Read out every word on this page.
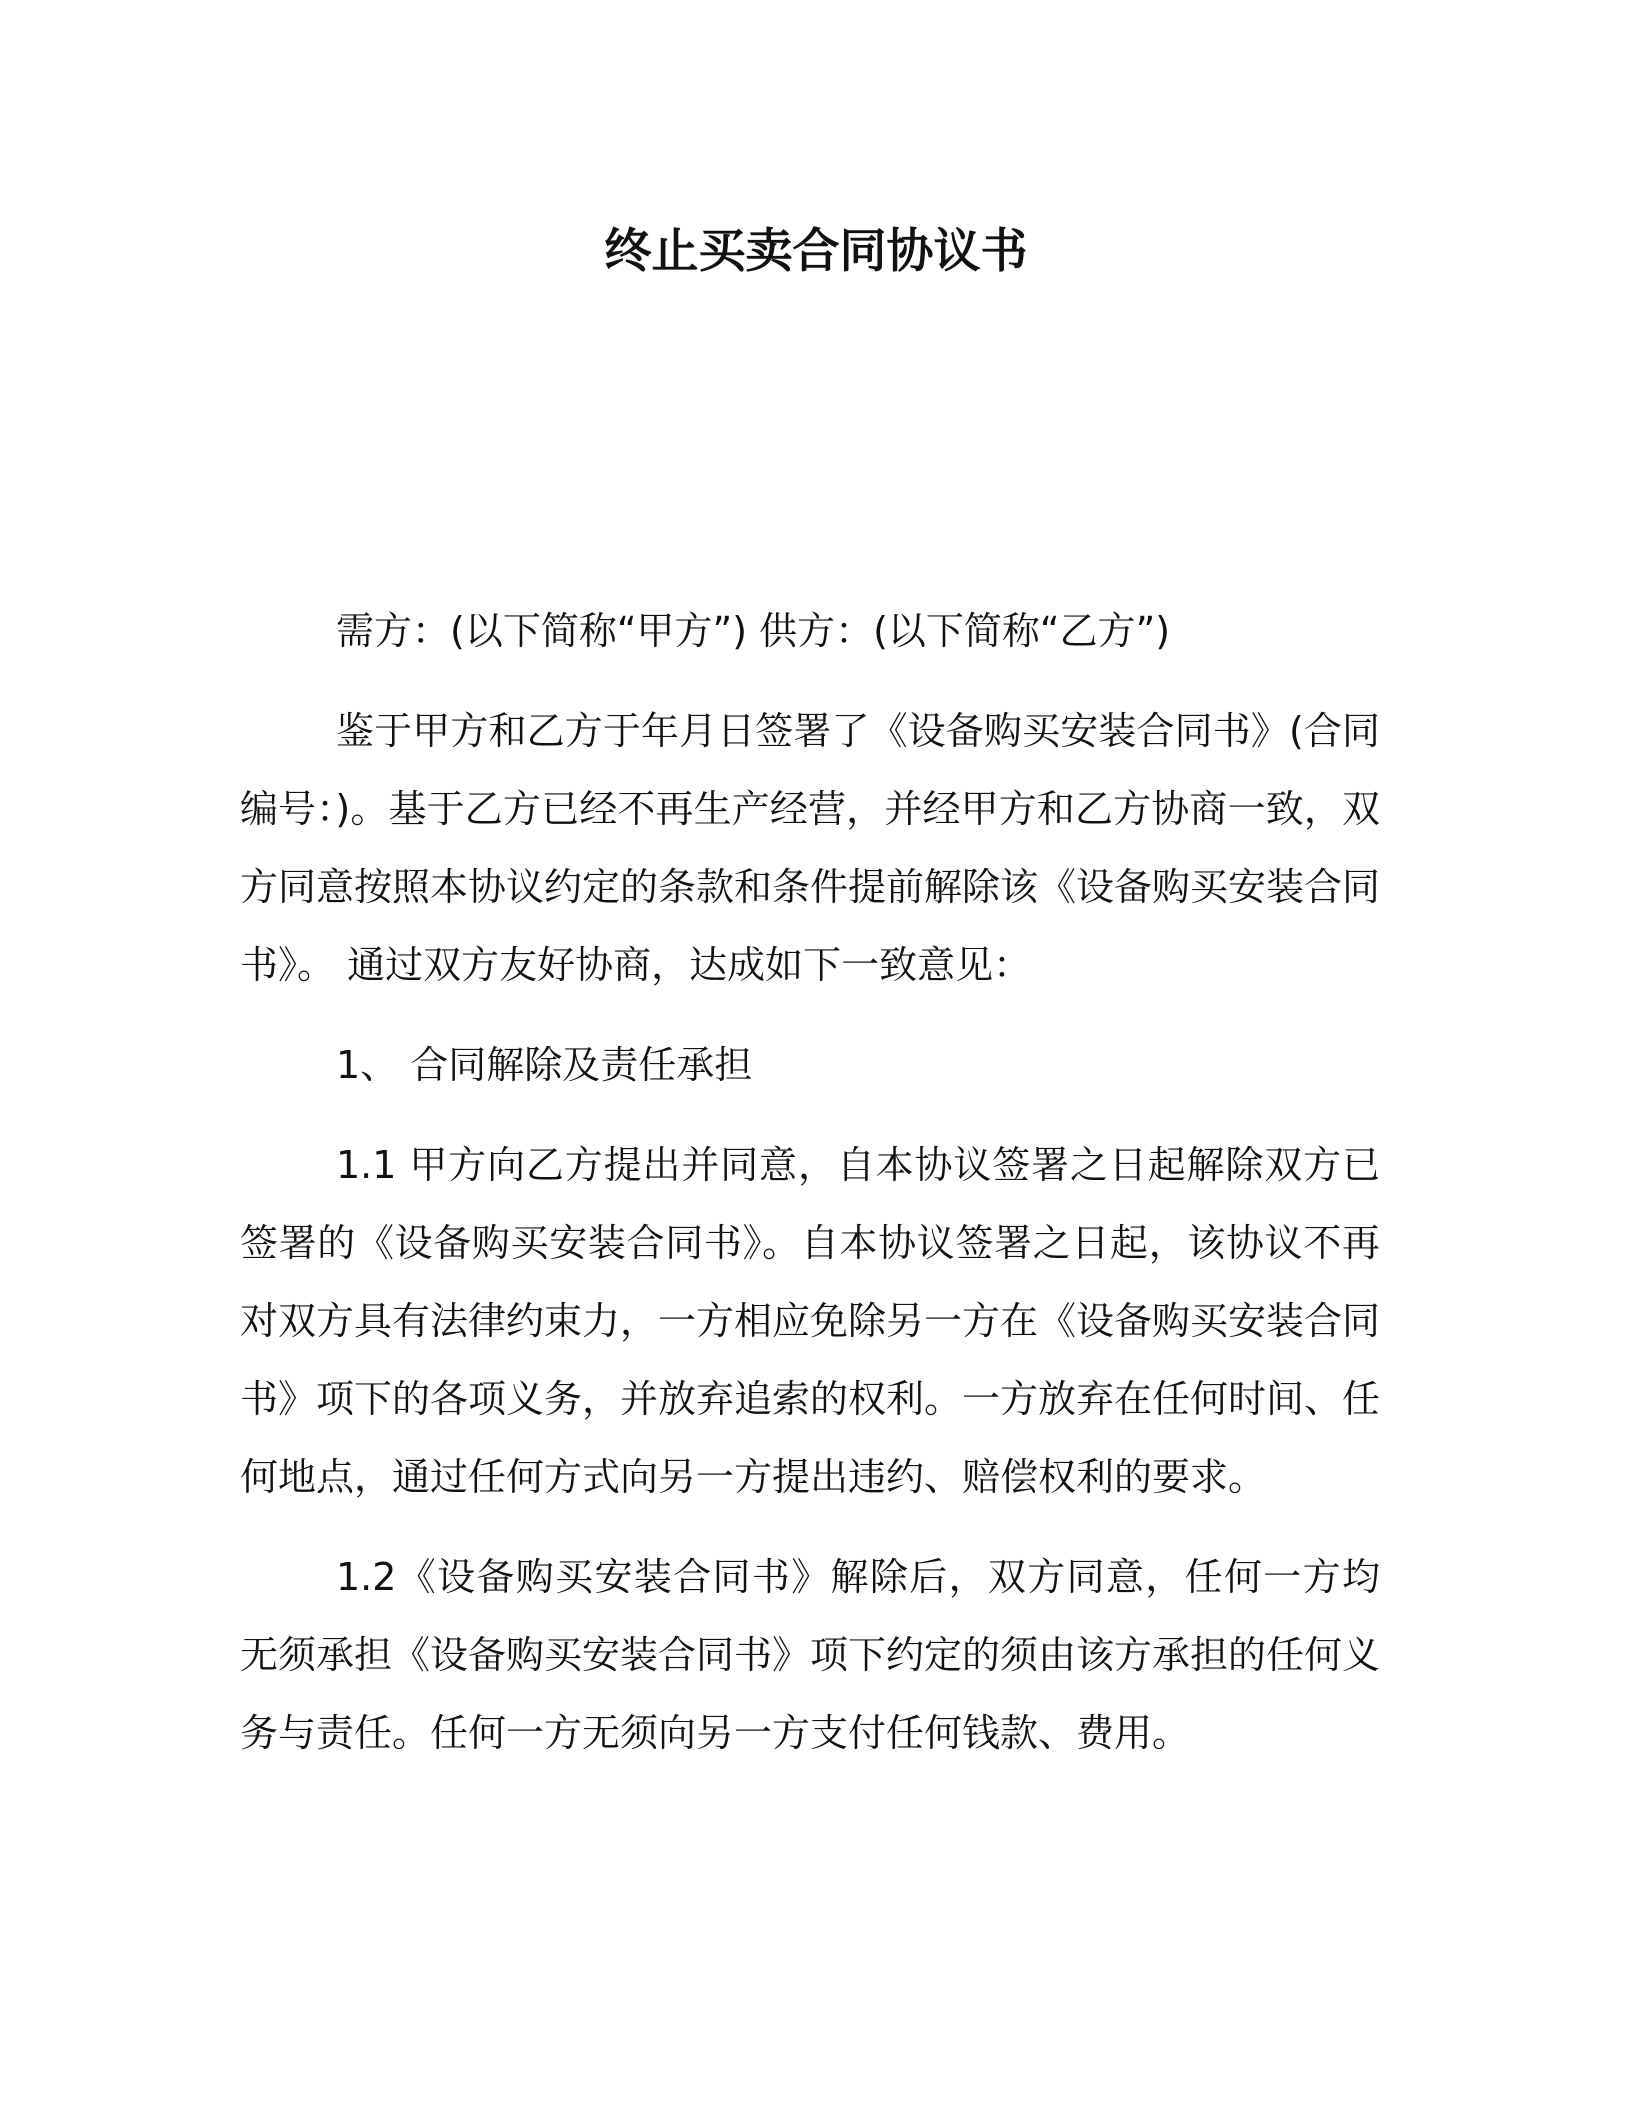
终止买卖合同协议书

需方：(以下简称“甲方”) 供方：(以下简称“乙方”)

鉴于甲方和乙方于年月日签署了《设备购买安装合同书》(合同编号：)。基于乙方已经不再生产经营，并经甲方和乙方协商一致，双方同意按照本协议约定的条款和条件提前解除该《设备购买安装合同书》。 通过双方友好协商，达成如下一致意见：

1、 合同解除及责任承担

1.1 甲方向乙方提出并同意，自本协议签署之日起解除双方已签署的《设备购买安装合同书》。自本协议签署之日起，该协议不再对双方具有法律约束力，一方相应免除另一方在《设备购买安装合同书》项下的各项义务，并放弃追索的权利。一方放弃在任何时间、任何地点，通过任何方式向另一方提出违约、赔偿权利的要求。

1.2《设备购买安装合同书》解除后，双方同意，任何一方均无须承担《设备购买安装合同书》项下约定的须由该方承担的任何义务与责任。任何一方无须向另一方支付任何钱款、费用。
